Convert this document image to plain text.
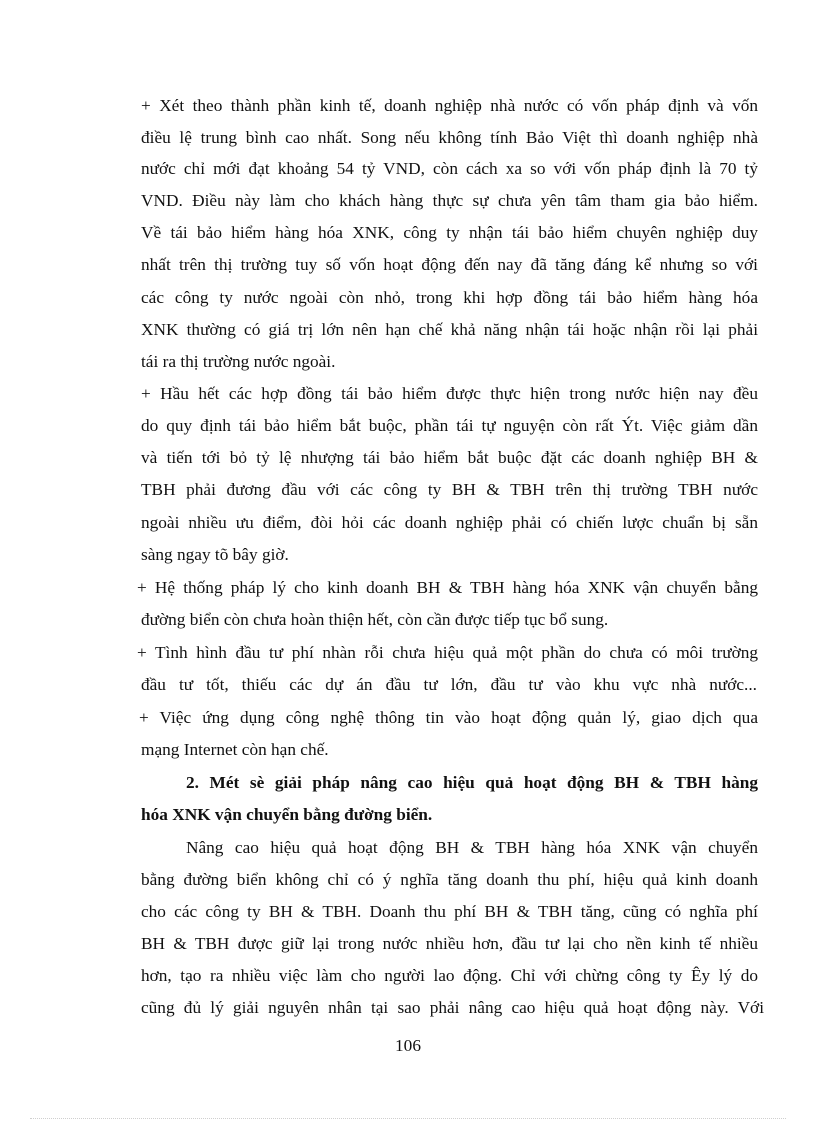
+ Xét theo thành phần kinh tế, doanh nghiệp nhà nước có vốn pháp định và vốn
điều lệ trung bình cao nhất. Song nếu không tính Bảo Việt thì doanh nghiệp nhà
nước chỉ mới đạt khoảng 54 tỷ VND, còn cách xa so với vốn pháp định là 70 tỷ
VND. Điều này làm cho khách hàng thực sự chưa yên tâm tham gia bảo hiểm.
Về tái bảo hiểm hàng hóa XNK, công ty nhận tái bảo hiểm chuyên nghiệp duy
nhất trên thị trường tuy số vốn hoạt động đến nay đã tăng đáng kể nhưng so với
các công ty nước ngoài còn nhỏ, trong khi hợp đồng tái bảo hiểm hàng hóa
XNK thường có giá trị lớn nên hạn chế khả năng nhận tái hoặc nhận rồi lại phải
tái ra thị trường nước ngoài.
+ Hầu hết các hợp đồng tái bảo hiểm được thực hiện trong nước hiện nay đều
do quy định tái bảo hiểm bắt buộc, phần tái tự nguyện còn rất Ýt. Việc giảm dần
và tiến tới bỏ tỷ lệ nhượng tái bảo hiểm bắt buộc đặt các doanh nghiệp BH &
TBH phải đương đầu với các công ty BH & TBH trên thị trường TBH nước
ngoài nhiều ưu điểm, đòi hỏi các doanh nghiệp phải có chiến lược chuẩn bị sẵn
sàng ngay tõ bây giờ.
+ Hệ thống pháp lý cho kinh doanh BH & TBH hàng hóa XNK vận chuyển bằng
đường biển còn chưa hoàn thiện hết, còn cần được tiếp tục bổ sung.
+ Tình hình đầu tư phí nhàn rỗi chưa hiệu quả một phần do chưa có môi trường
đầu tư tốt, thiếu các dự án đầu tư lớn, đầu tư vào khu vực nhà nước...
+ Việc ứng dụng công nghệ thông tin vào hoạt động quản lý, giao dịch qua
mạng Internet còn hạn chế.
2. Mét sè giải pháp nâng cao hiệu quả hoạt động BH & TBH hàng
hóa XNK vận chuyển bằng đường biển.
Nâng cao hiệu quả hoạt động BH & TBH hàng hóa XNK vận chuyển
bằng đường biển không chỉ có ý nghĩa tăng doanh thu phí, hiệu quả kinh doanh
cho các công ty BH & TBH. Doanh thu phí BH & TBH tăng, cũng có nghĩa phí
BH & TBH được giữ lại trong nước nhiều hơn, đầu tư lại cho nền kinh tế nhiều
hơn, tạo ra nhiều việc làm cho người lao động. Chỉ với chừng công ty Êy lý do
cũng đủ lý giải nguyên nhân tại sao phải nâng cao hiệu quả hoạt động này. Với
106
